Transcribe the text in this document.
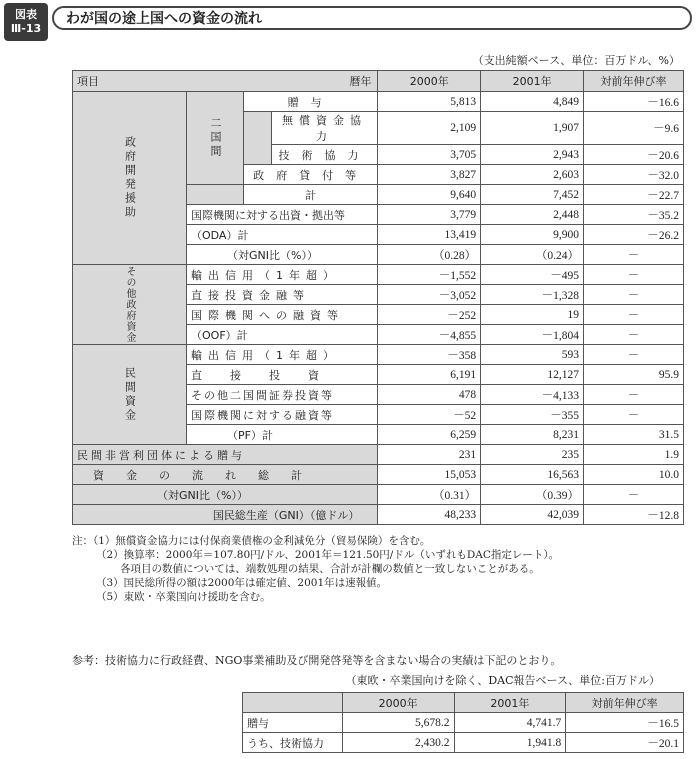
図表
Ⅲ-13
わが国の途上国への資金の流れ
（支出純額ベース、単位：百万ドル、%）
項目 暦年				2000年	2001年	対前年伸び率

政府開発援助	二国間	贈与		5,813	4,849	－16.6
			無償資金協力	2,109	1,907	－9.6
			技術協力	3,705	2,943	－20.6
		政府貸付等		3,827	2,603	－32.0
		計		9,640	7,452	－22.7
	国際機関に対する出資・拠出等			3,779	2,448	－35.2
	（ODA）計			13,419	9,900	－26.2
	（対GNI比（%））			（0.28）	（0.24）	－

その他政府資金	輸出信用（1年超）			－1,552	－495	－
	直接投資金融等			－3,052	－1,328	－
	国際機関への融資等			－252	19	－
	（OOF）計			－4,855	－1,804	－

民間資金	輸出信用（1年超）			－358	593	－
	直接投資			6,191	12,127	95.9
	その他二国間証券投資等			478	－4,133	－
	国際機関に対する融資等			－52	－355	－
	（PF）計			6,259	8,231	31.5
民間非営利団体による贈与				231	235	1.9
資金の流れ総計				15,053	16,563	10.0
（対GNI比（%））				（0.31）	（0.39）	－
国民総生産（GNI）（億ドル）				48,233	42,039	－12.8
注：（1）無償資金協力には付保商業債権の金利減免分（貿易保険）を含む。
（2）換算率：2000年＝107.80円/ドル、2001年＝121.50円/ドル（いずれもDAC指定レート）。
各項目の数値については、端数処理の結果、合計が計欄の数値と一致しないことがある。
（3）国民総所得の額は2000年は確定値、2001年は速報値。
（5）東欧・卒業国向け援助を含む。
参考：技術協力に行政経費、NGO事業補助及び開発啓発等を含まない場合の実績は下記のとおり。
（東欧・卒業国向けを除く、DAC報告ベース、単位:百万ドル）
	2000年	2001年	対前年伸び率
贈与	5,678.2	4,741.7	－16.5
うち、技術協力	2,430.2	1,941.8	－20.1
